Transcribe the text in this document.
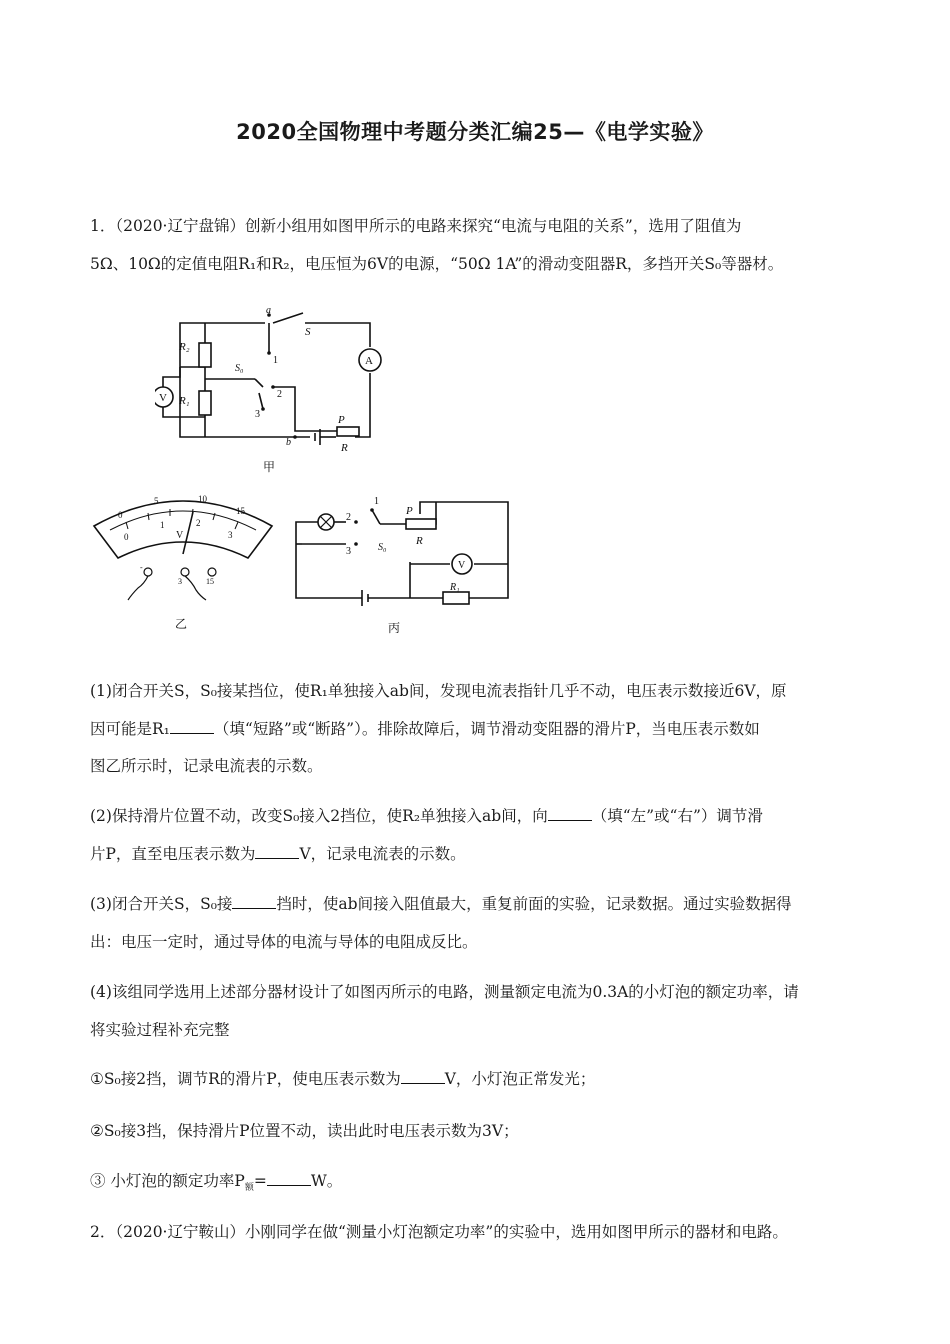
2020全国物理中考题分类汇编25—《电学实验》
1．（2020·辽宁盘锦）创新小组用如图甲所示的电路来探究“电流与电阻的关系”，选用了阻值为
5Ω、10Ω的定值电阻R₁和R₂，电压恒为6V的电源，“50Ω 1A”的滑动变阻器R，多挡开关S₀等器材。
R₂
R₁
V
A
S
S₀
a
b
1
2
3	P
R
甲
0
1	2
3
0
5	10
15
V
-
3	15
乙
1
2
3	S₀
P
R
V
R₁
丙
(1)闭合开关S，S₀接某挡位，使R₁单独接入ab间，发现电流表指针几乎不动，电压表示数接近6V，原
因可能是R₁	（填“短路”或“断路”）。排除故障后，调节滑动变阻器的滑片P，当电压表示数如
图乙所示时，记录电流表的示数。
(2)保持滑片位置不动，改变S₀接入2挡位，使R₂单独接入ab间，向	（填“左”或“右”）调节滑
片P，直至电压表示数为	V，记录电流表的示数。
(3)闭合开关S，S₀接	挡时，使ab间接入阻值最大，重复前面的实验，记录数据。通过实验数据得
出：电压一定时，通过导体的电流与导体的电阻成反比。
(4)该组同学选用上述部分器材设计了如图丙所示的电路，测量额定电流为0.3A的小灯泡的额定功率，请
将实验过程补充完整
①S₀接2挡，调节R的滑片P，使电压表示数为	V，小灯泡正常发光；
②S₀接3挡，保持滑片P位置不动，读出此时电压表示数为3V；
③ 小灯泡的额定功率$P_额=$	W。
2．（2020·辽宁鞍山）小刚同学在做“测量小灯泡额定功率”的实验中，选用如图甲所示的器材和电路。
